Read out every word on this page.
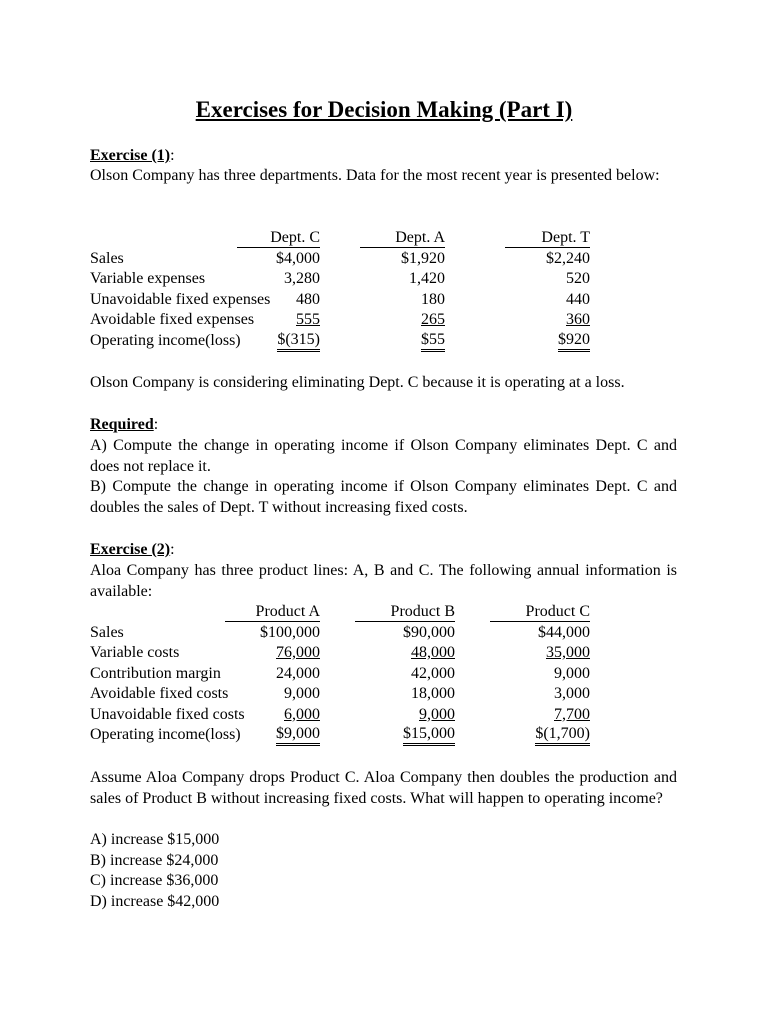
Exercises for Decision Making (Part I)
Exercise (1):
Olson Company has three departments. Data for the most recent year is presented below:

Dept. C	Dept. A	Dept. T
Sales	$4,000	$1,920	$2,240
Variable expenses	3,280	1,420	520
Unavoidable fixed expenses 480	180	440
Avoidable fixed expenses	555	265	360
Operating income(loss) $(315)	$55	$920
Olson Company is considering eliminating Dept. C because it is operating at a loss.
Required:
A) Compute the change in operating income if Olson Company eliminates Dept. C and does not replace it.
B) Compute the change in operating income if Olson Company eliminates Dept. C and doubles the sales of Dept. T without increasing fixed costs.
Exercise (2):
Aloa Company has three product lines: A, B and C. The following annual information is available:
Product A	Product B	Product C
Sales	$100,000	$90,000	$44,000
Variable costs	76,000	48,000	35,000
Contribution margin	24,000	42,000	9,000
Avoidable fixed costs	9,000	18,000	3,000
Unavoidable fixed costs 6,000	9,000	7,700
Operating income(loss) $9,000	$15,000	$(1,700)
Assume Aloa Company drops Product C. Aloa Company then doubles the production and sales of Product B without increasing fixed costs. What will happen to operating income?

A) increase $15,000

B) increase $24,000

C) increase $36,000

D) increase $42,000
